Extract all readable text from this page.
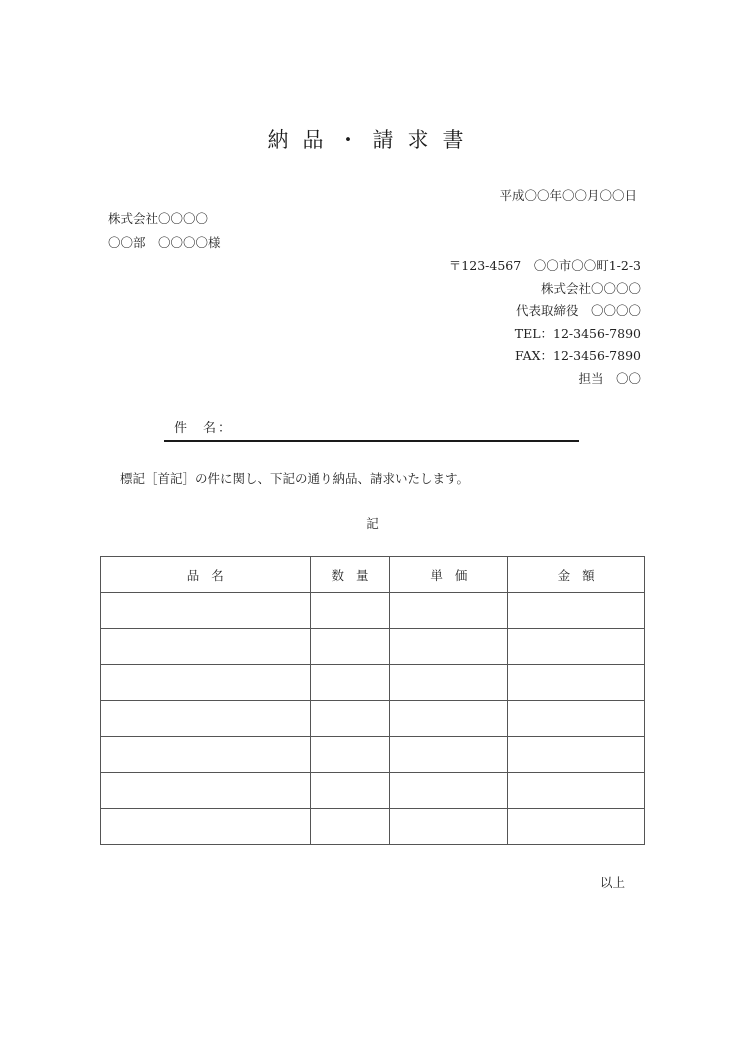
納品・請求書
平成〇〇年〇〇月〇〇日
株式会社〇〇〇〇
〇〇部　〇〇〇〇様
〒123-4567　〇〇市〇〇町1-2-3
株式会社〇〇〇〇
代表取締役　〇〇〇〇
TEL：12-3456-7890
FAX：12-3456-7890
担当　〇〇
件 名：
標記［首記］の件に関し、下記の通り納品、請求いたします。
記
品名	数量	単価	金額

以上
